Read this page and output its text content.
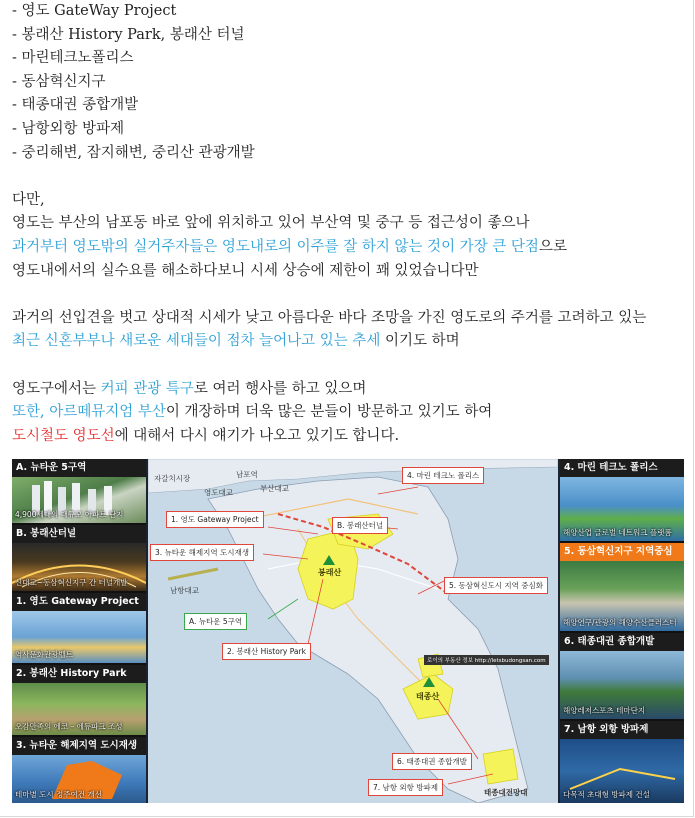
- 영도 GateWay Project
- 봉래산 History Park, 봉래산 터널
- 마린테크노폴리스
- 동삼혁신지구
- 태종대권 종합개발
- 남항외항 방파제
- 중리해변, 잠지해변, 중리산 관광개발
다만,
영도는 부산의 남포동 바로 앞에 위치하고 있어 부산역 및 중구 등 접근성이 좋으나
과거부터 영도밖의 실거주자들은 영도내로의 이주를 잘 하지 않는 것이 가장 큰 단점으로
영도내에서의 실수요를 해소하다보니 시세 상승에 제한이 꽤 있었습니다만
과거의 선입견을 벗고 상대적 시세가 낮고 아름다운 바다 조망을 가진 영도로의 주거를 고려하고 있는
최근 신혼부부나 새로운 세대들이 점차 늘어나고 있는 추세 이기도 하며
영도구에서는 커피 관광 특구로 여러 행사를 하고 있으며
또한, 아르떼뮤지엄 부산이 개장하며 더욱 많은 분들이 방문하고 있기도 하여
도시철도 영도선에 대해서 다시 얘기가 나오고 있기도 합니다.
A. 뉴타운 5구역
4,900세대의 대규모 아파트 단지
B. 봉래산터널
신대교~동삼혁신지구 간 터널개발
1. 영도 Gateway Project
역사문화관광벨트
2. 봉래산 History Park
오감만족의 에코 – 에듀파크 조성
3. 뉴타운 해제지역 도시재생
테마별 도시 정주여건 개선
자갈치시장	남포역
영도대교	부산대교
남항대교
봉래산
태종산
태종대전망대
1. 영도 Gateway Project
3. 뉴타운 해제지역 도시재생
A. 뉴타운 5구역
2. 봉래산 History Park
B. 봉래산터널
4. 마린 테크노 폴리스
5. 동삼혁신도시 지역 중심화
6. 태종대권 종합개발
7. 남항 외항 방파제
로이의 부동산 정보 http://letsbudongsan.com
4. 마린 테크노 폴리스
해양산업 글로벌 네트워크 플랫폼
5. 동삼혁신지구 지역중심
해양연구/관광의 해양수산클러스터
6. 태종대권 종합개발
해양레저스포츠 테마단지
7. 남항 외항 방파제
다목적 초대형 방파제 건설
